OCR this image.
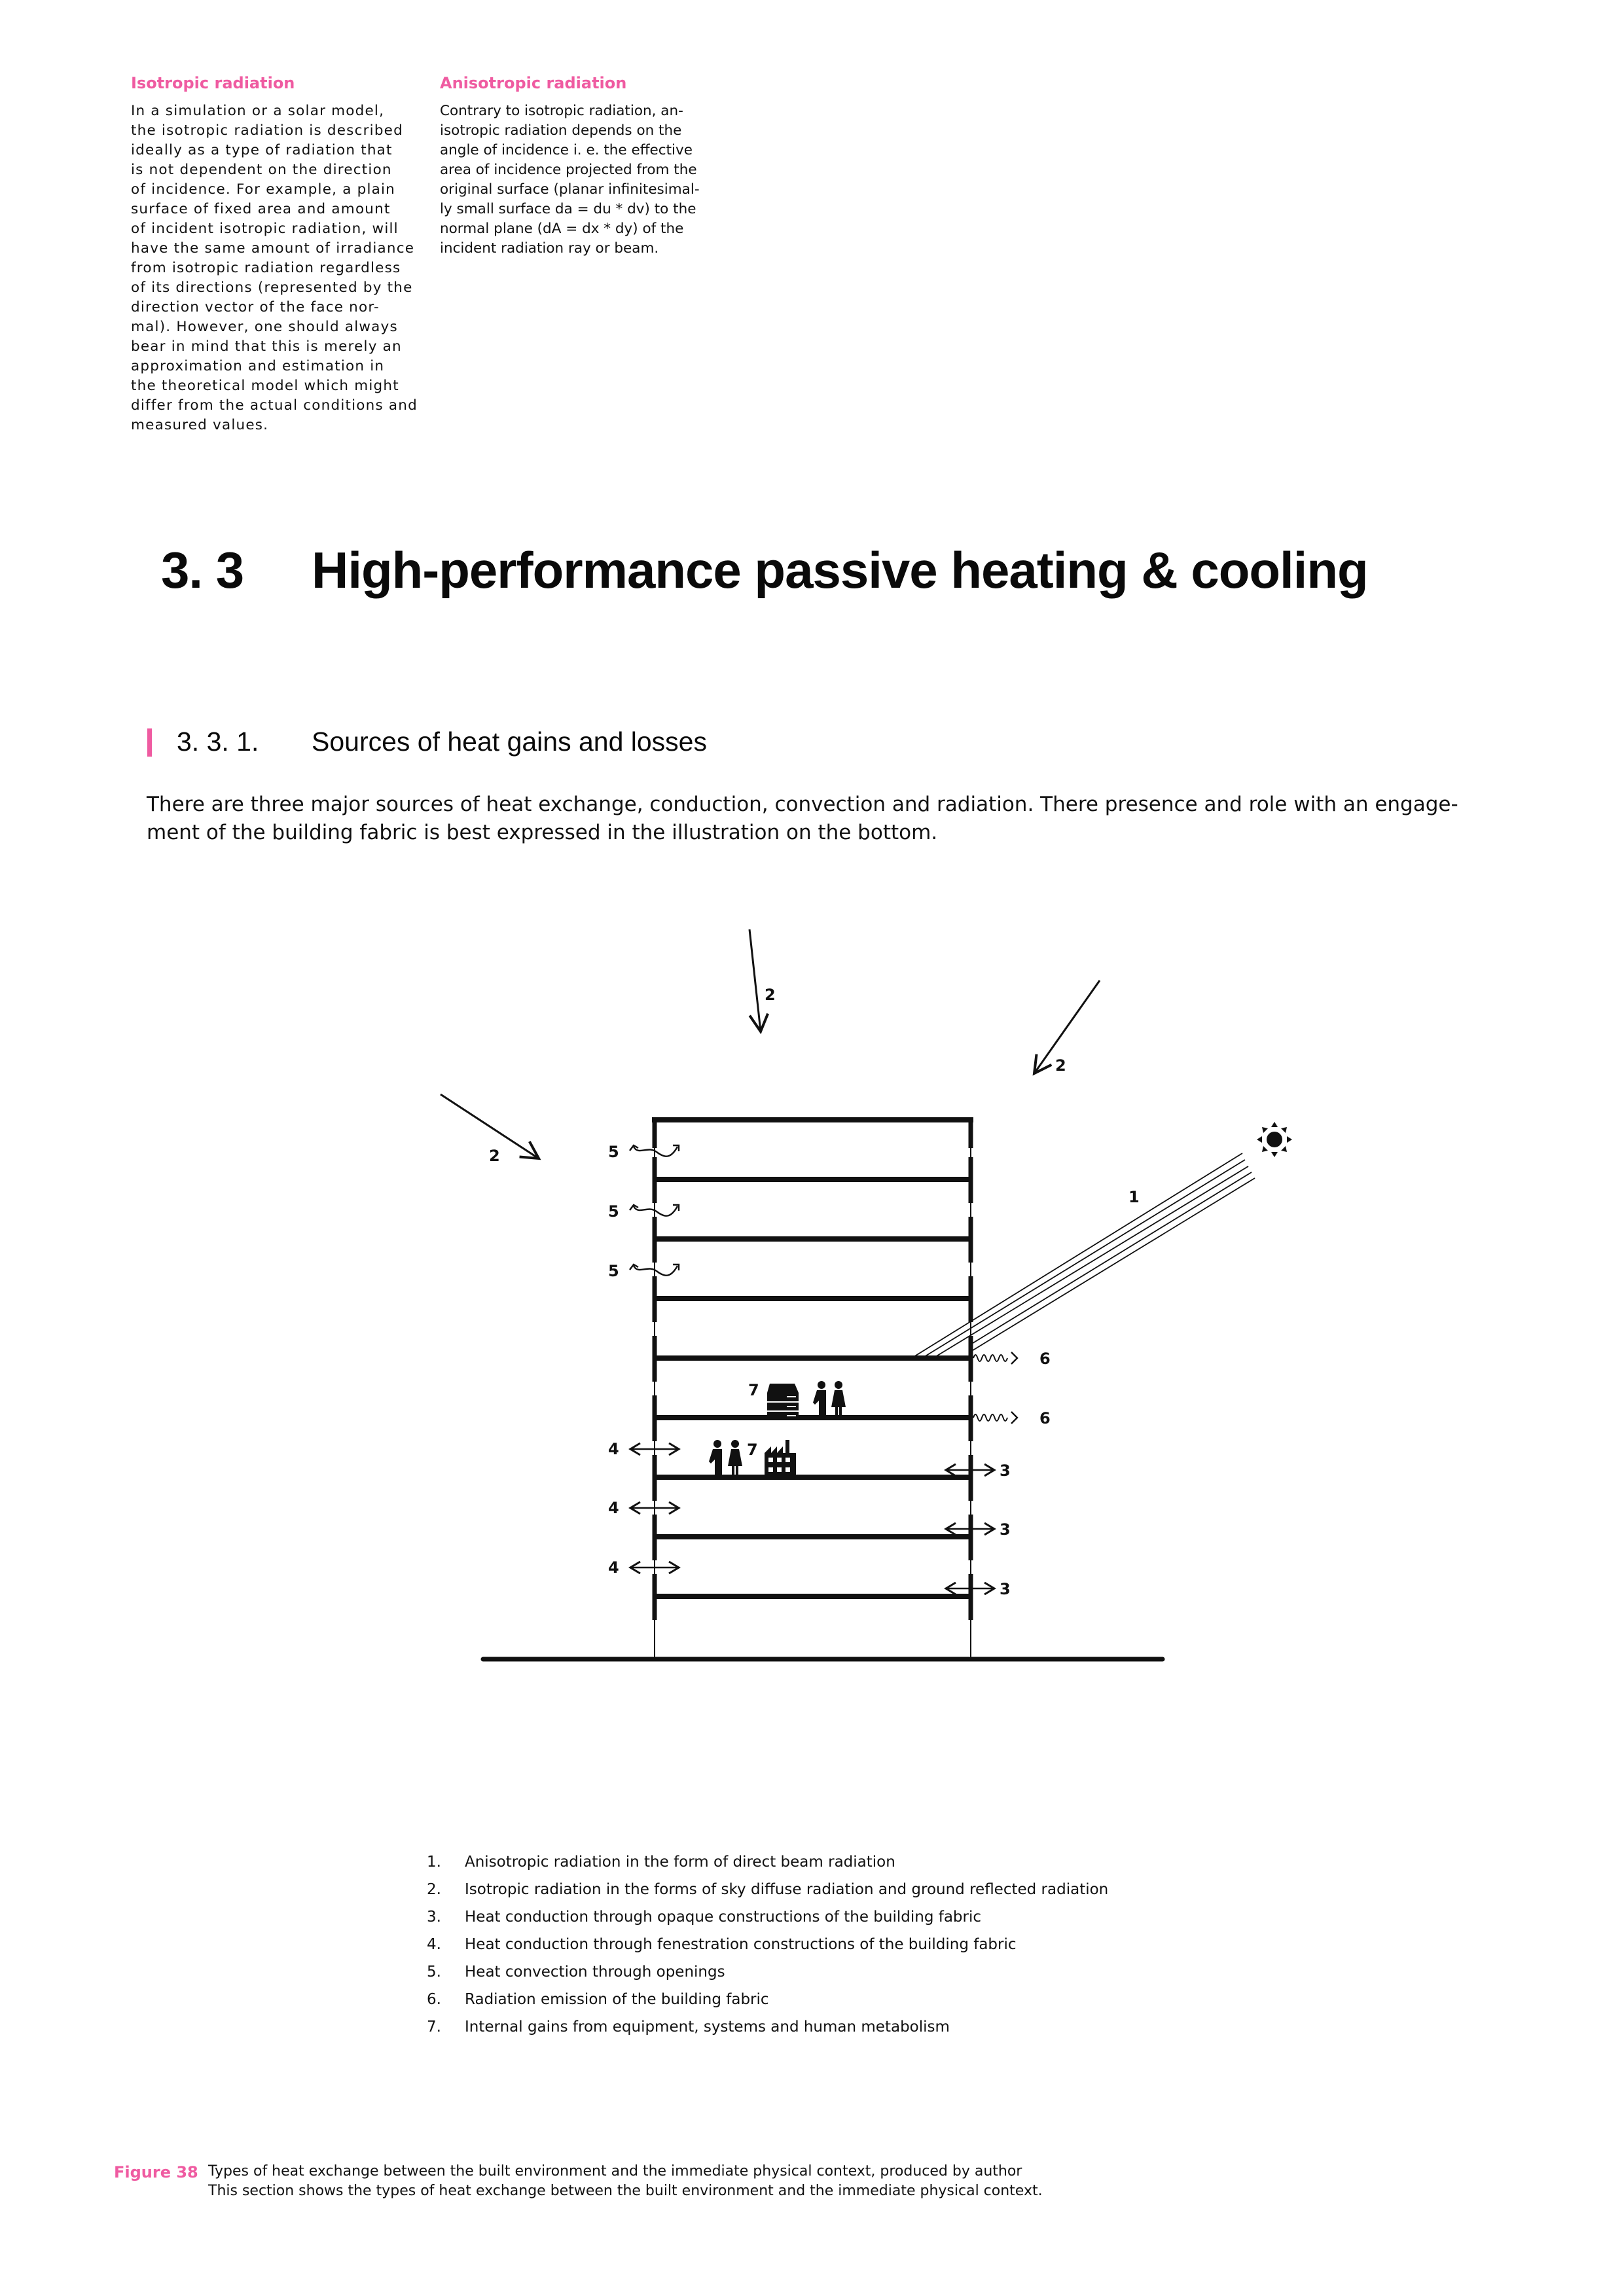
Isotropic radiation
In a simulation or a solar model,
the isotropic radiation is described
ideally as a type of radiation that
is not dependent on the direction
of incidence. For example, a plain
surface of fixed area and amount
of incident isotropic radiation, will
have the same amount of irradiance
from isotropic radiation regardless
of its directions (represented by the
direction vector of the face nor-
mal). However, one should always
bear in mind that this is merely an
approximation and estimation in
the theoretical model which might
differ from the actual conditions and
measured values.
Anisotropic radiation
Contrary to isotropic radiation, an-
isotropic radiation depends on the
angle of incidence i. e. the effective
area of incidence projected from the
original surface (planar infinitesimal-
ly small surface da = du * dv) to the
normal plane (dA = dx * dy) of the
incident radiation ray or beam.
3. 3 High-performance passive heating & cooling
3. 3. 1. Sources of heat gains and losses
There are three major sources of heat exchange, conduction, convection and radiation. There presence and role with an engage-
ment of the building fabric is best expressed in the illustration on the bottom.
2
2
2
1
5
5
5
6
6
4
4
4
3
3
3
7
7
1. Anisotropic radiation in the form of direct beam radiation
2. Isotropic radiation in the forms of sky diffuse radiation and ground reflected radiation
3. Heat conduction through opaque constructions of the building fabric
4. Heat conduction through fenestration constructions of the building fabric
5. Heat convection through openings
6. Radiation emission of the building fabric
7. Internal gains from equipment, systems and human metabolism
Figure 38 Types of heat exchange between the built environment and the immediate physical context, produced by author
This section shows the types of heat exchange between the built environment and the immediate physical context.
